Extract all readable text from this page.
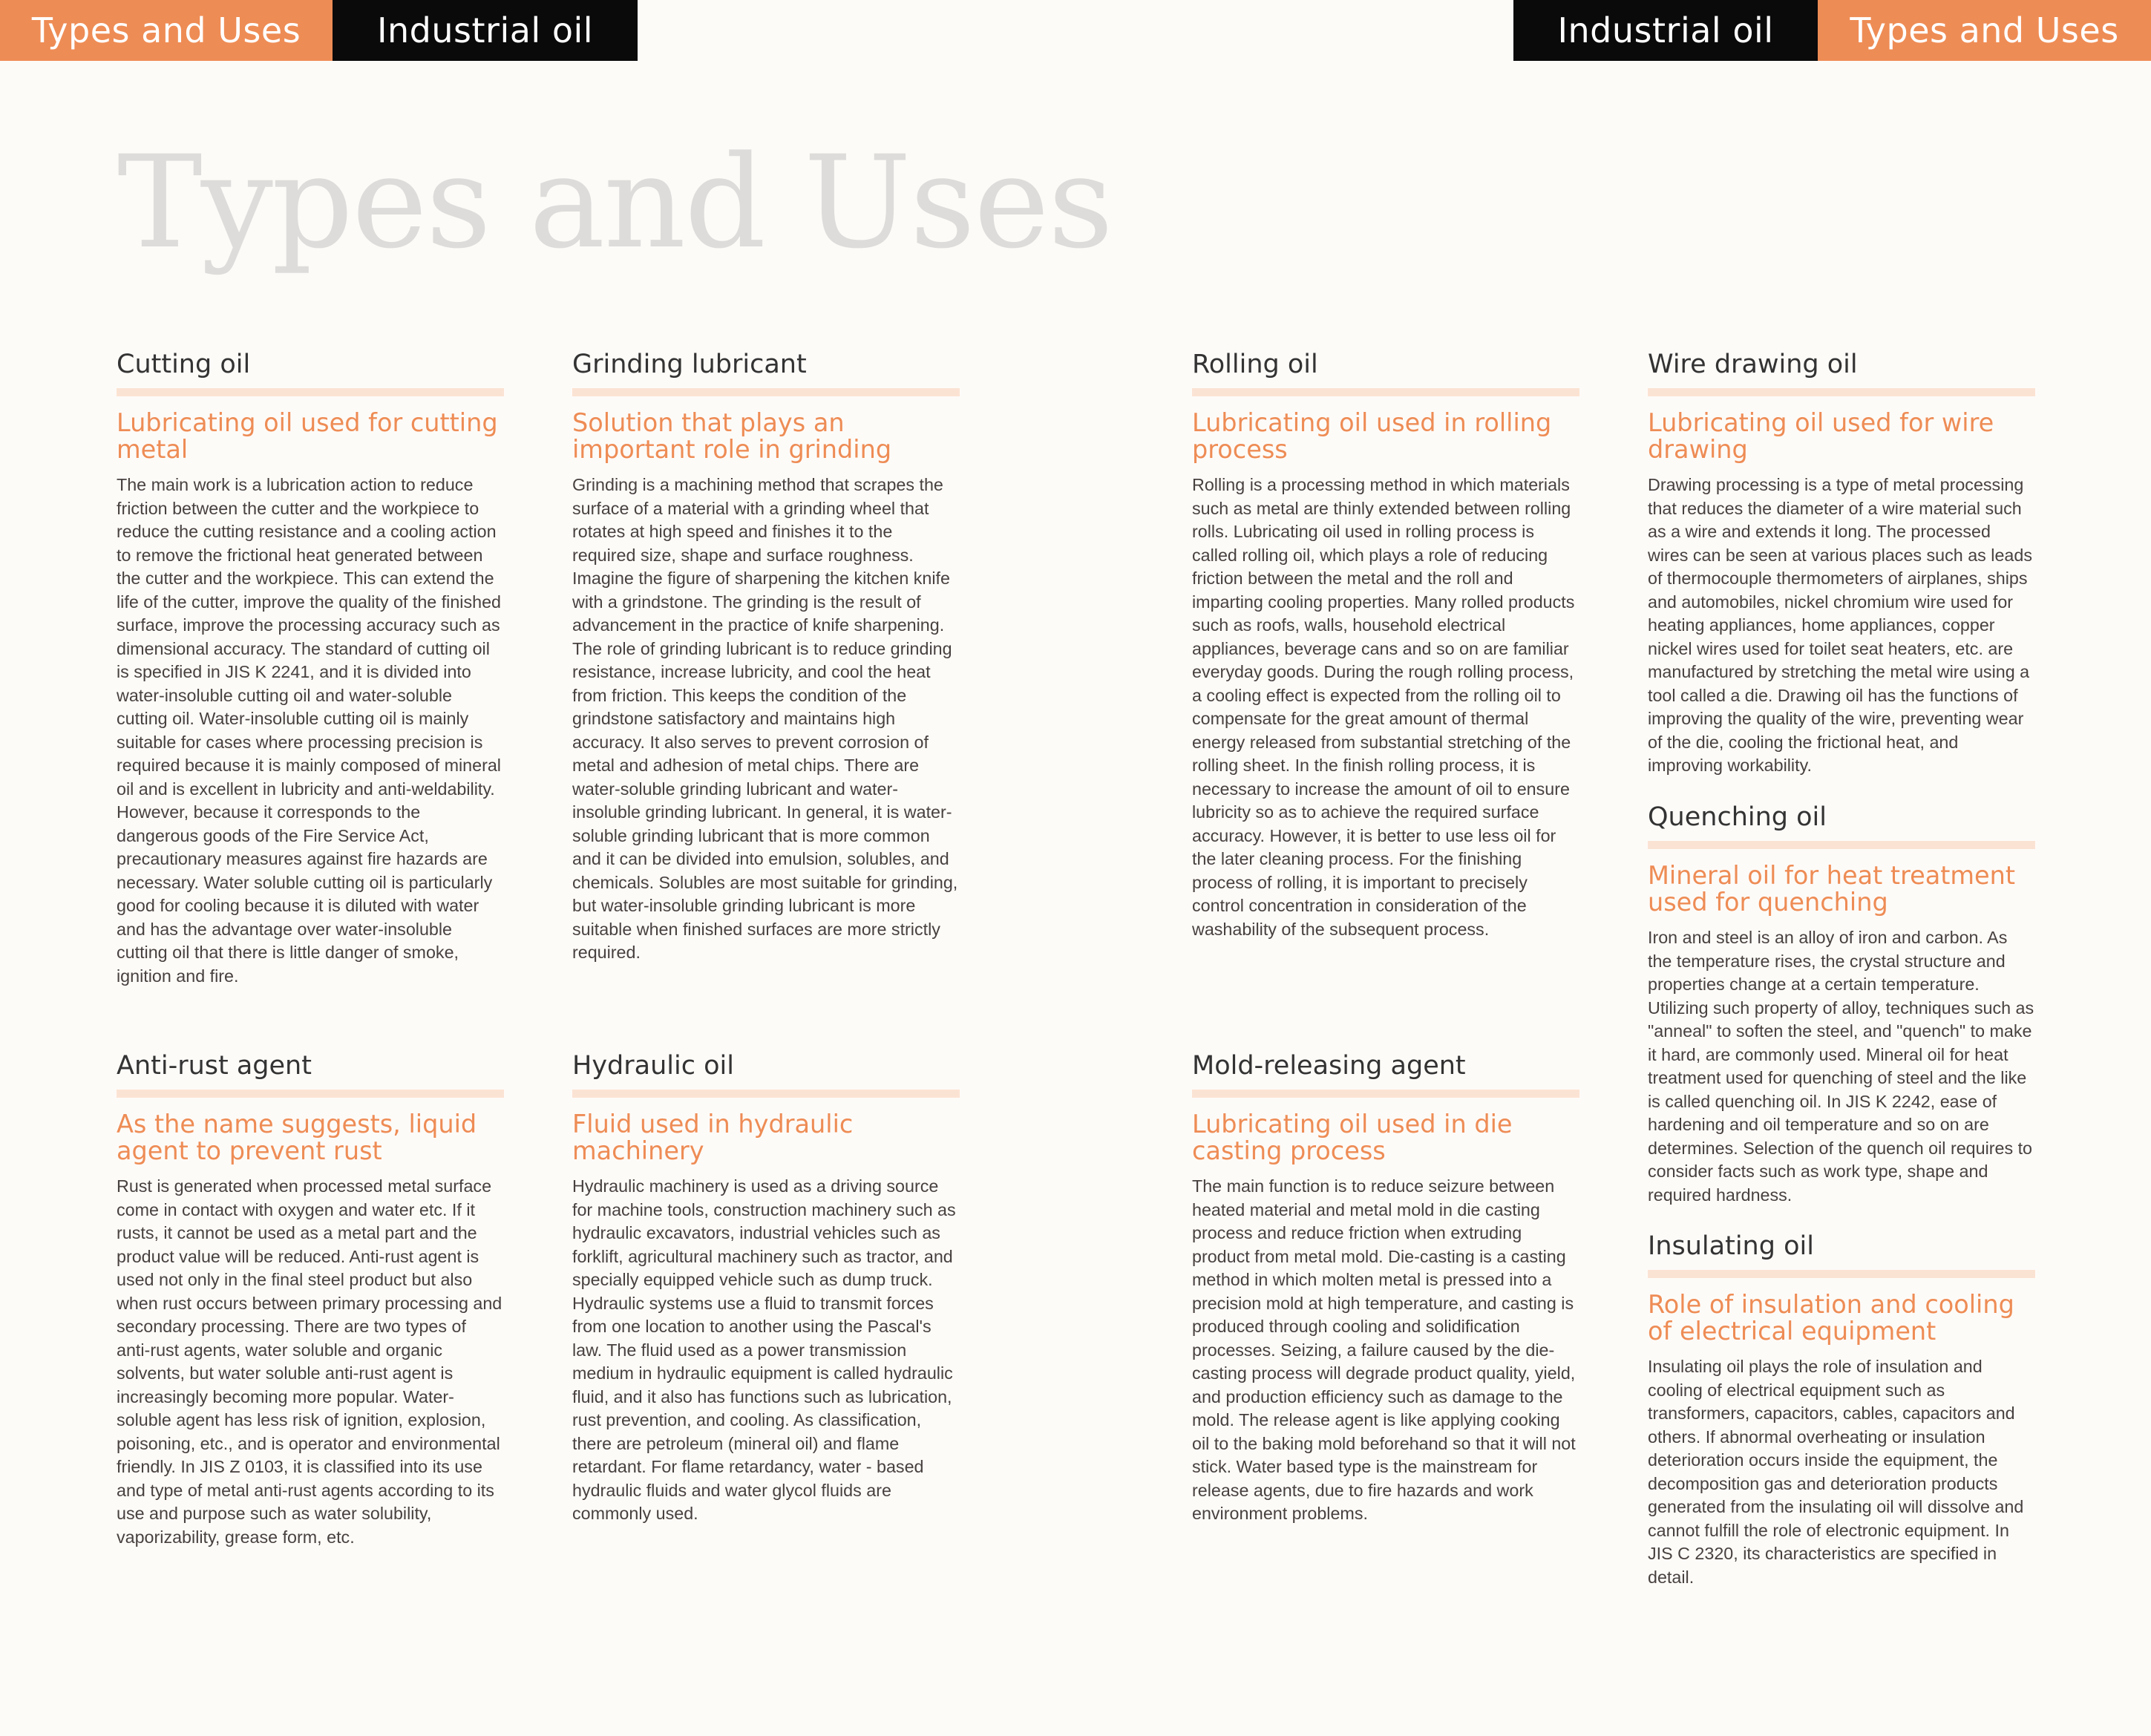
Types and Uses	Industrial oil	Industrial oil	Types and Uses
Types and Uses
Cutting oil
Lubricating oil used for cutting metal

The main work is a lubrication action to reduce friction between the cutter and the workpiece to reduce the cutting resistance and a cooling action to remove the frictional heat generated between the cutter and the workpiece. This can extend the life of the cutter, improve the quality of the finished surface, improve the processing accuracy such as dimensional accuracy. The standard of cutting oil is specified in JIS K 2241, and it is divided into water-insoluble cutting oil and water-soluble cutting oil. Water-insoluble cutting oil is mainly suitable for cases where processing precision is required because it is mainly composed of mineral oil and is excellent in lubricity and anti-weldability. However, because it corresponds to the dangerous goods of the Fire Service Act, precautionary measures against fire hazards are necessary. Water soluble cutting oil is particularly good for cooling because it is diluted with water and has the advantage over water-insoluble cutting oil that there is little danger of smoke, ignition and fire.

Grinding lubricant
Solution that plays an important role in grinding

Grinding is a machining method that scrapes the surface of a material with a grinding wheel that rotates at high speed and finishes it to the required size, shape and surface roughness. Imagine the figure of sharpening the kitchen knife with a grindstone. The grinding is the result of advancement in the practice of knife sharpening. The role of grinding lubricant is to reduce grinding resistance, increase lubricity, and cool the heat from friction. This keeps the condition of the grindstone satisfactory and maintains high accuracy. It also serves to prevent corrosion of metal and adhesion of metal chips. There are water-soluble grinding lubricant and water-insoluble grinding lubricant. In general, it is water-soluble grinding lubricant that is more common and it can be divided into emulsion, solubles, and chemicals. Solubles are most suitable for grinding, but water-insoluble grinding lubricant is more suitable when finished surfaces are more strictly required.

Rolling oil
Lubricating oil used in rolling process

Rolling is a processing method in which materials such as metal are thinly extended between rolling rolls. Lubricating oil used in rolling process is called rolling oil, which plays a role of reducing friction between the metal and the roll and imparting cooling properties. Many rolled products such as roofs, walls, household electrical appliances, beverage cans and so on are familiar everyday goods. During the rough rolling process, a cooling effect is expected from the rolling oil to compensate for the great amount of thermal energy released from substantial stretching of the rolling sheet. In the finish rolling process, it is necessary to increase the amount of oil to ensure lubricity so as to achieve the required surface accuracy. However, it is better to use less oil for the later cleaning process. For the finishing process of rolling, it is important to precisely control concentration in consideration of the washability of the subsequent process.

Wire drawing oil
Lubricating oil used for wire drawing

Drawing processing is a type of metal processing that reduces the diameter of a wire material such as a wire and extends it long. The processed wires can be seen at various places such as leads of thermocouple thermometers of airplanes, ships and automobiles, nickel chromium wire used for heating appliances, home appliances, copper nickel wires used for toilet seat heaters, etc. are manufactured by stretching the metal wire using a tool called a die. Drawing oil has the functions of improving the quality of the wire, preventing wear of the die, cooling the frictional heat, and improving workability.

Quenching oil
Mineral oil for heat treatment used for quenching

Iron and steel is an alloy of iron and carbon. As the temperature rises, the crystal structure and properties change at a certain temperature. Utilizing such property of alloy, techniques such as "anneal" to soften the steel, and "quench" to make it hard, are commonly used. Mineral oil for heat treatment used for quenching of steel and the like is called quenching oil. In JIS K 2242, ease of hardening and oil temperature and so on are determines. Selection of the quench oil requires to consider facts such as work type, shape and required hardness.

Anti-rust agent
As the name suggests, liquid agent to prevent rust

Rust is generated when processed metal surface come in contact with oxygen and water etc. If it rusts, it cannot be used as a metal part and the product value will be reduced. Anti-rust agent is used not only in the final steel product but also when rust occurs between primary processing and secondary processing. There are two types of anti-rust agents, water soluble and organic solvents, but water soluble anti-rust agent is increasingly becoming more popular. Water-soluble agent has less risk of ignition, explosion, poisoning, etc., and is operator and environmental friendly. In JIS Z 0103, it is classified into its use and type of metal anti-rust agents according to its use and purpose such as water solubility, vaporizability, grease form, etc.

Hydraulic oil
Fluid used in hydraulic machinery

Hydraulic machinery is used as a driving source for machine tools, construction machinery such as hydraulic excavators, industrial vehicles such as forklift, agricultural machinery such as tractor, and specially equipped vehicle such as dump truck. Hydraulic systems use a fluid to transmit forces from one location to another using the Pascal's law. The fluid used as a power transmission medium in hydraulic equipment is called hydraulic fluid, and it also has functions such as lubrication, rust prevention, and cooling. As classification, there are petroleum (mineral oil) and flame retardant. For flame retardancy, water - based hydraulic fluids and water glycol fluids are commonly used.

Mold-releasing agent
Lubricating oil used in die casting process

The main function is to reduce seizure between heated material and metal mold in die casting process and reduce friction when extruding product from metal mold. Die-casting is a casting method in which molten metal is pressed into a precision mold at high temperature, and casting is produced through cooling and solidification processes. Seizing, a failure caused by the die-casting process will degrade product quality, yield, and production efficiency such as damage to the mold. The release agent is like applying cooking oil to the baking mold beforehand so that it will not stick. Water based type is the mainstream for release agents, due to fire hazards and work environment problems.

Insulating oil
Role of insulation and cooling of electrical equipment

Insulating oil plays the role of insulation and cooling of electrical equipment such as transformers, capacitors, cables, capacitors and others. If abnormal overheating or insulation deterioration occurs inside the equipment, the decomposition gas and deterioration products generated from the insulating oil will dissolve and cannot fulfill the role of electronic equipment. In JIS C 2320, its characteristics are specified in detail.
